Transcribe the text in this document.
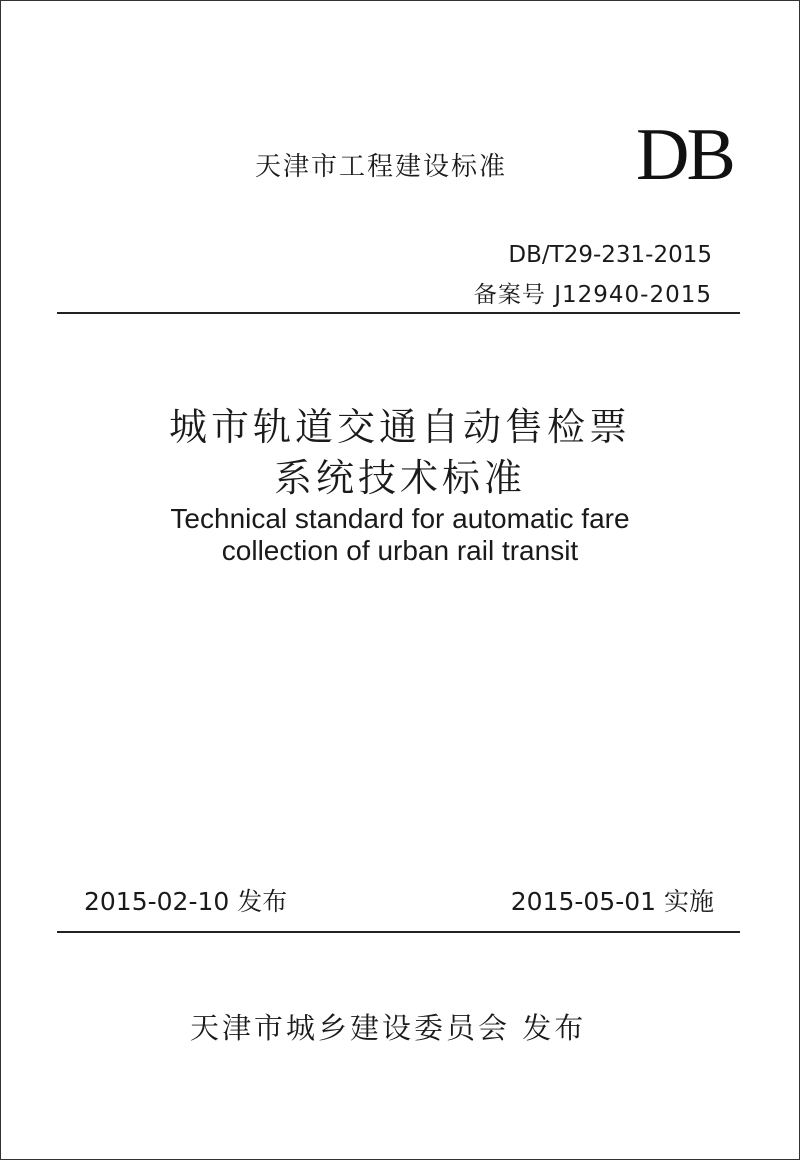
天津市工程建设标准 DB
DB/T29-231-2015
备案号 J12940-2015
城市轨道交通自动售检票
系统技术标准
Technical standard for automatic fare
collection of urban rail transit
2015-02-10 发布	2015-05-01 实施
天津市城乡建设委员会 发布
